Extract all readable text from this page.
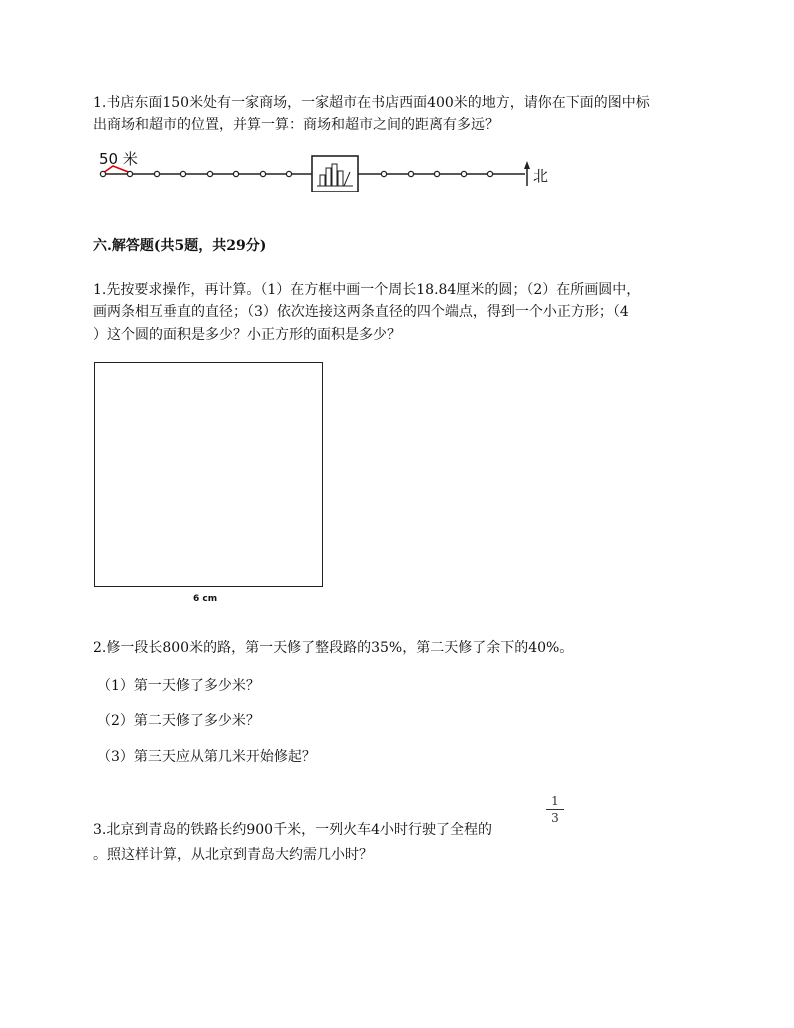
1.书店东面150米处有一家商场，一家超市在书店西面400米的地方，请你在下面的图中标
出商场和超市的位置，并算一算：商场和超市之间的距离有多远？
50 米
北
六.解答题(共5题，共29分)
1.先按要求操作，再计算。（1）在方框中画一个周长18.84厘米的圆；（2）在所画圆中，
画两条相互垂直的直径；（3）依次连接这两条直径的四个端点，得到一个小正方形；（4
）这个圆的面积是多少？小正方形的面积是多少？
6 cm
2.修一段长800米的路，第一天修了整段路的35%，第二天修了余下的40%。
（1）第一天修了多少米？
（2）第二天修了多少米？
（3）第三天应从第几米开始修起？
1
3
3.北京到青岛的铁路长约900千米，一列火车4小时行驶了全程的
。照这样计算，从北京到青岛大约需几小时？
